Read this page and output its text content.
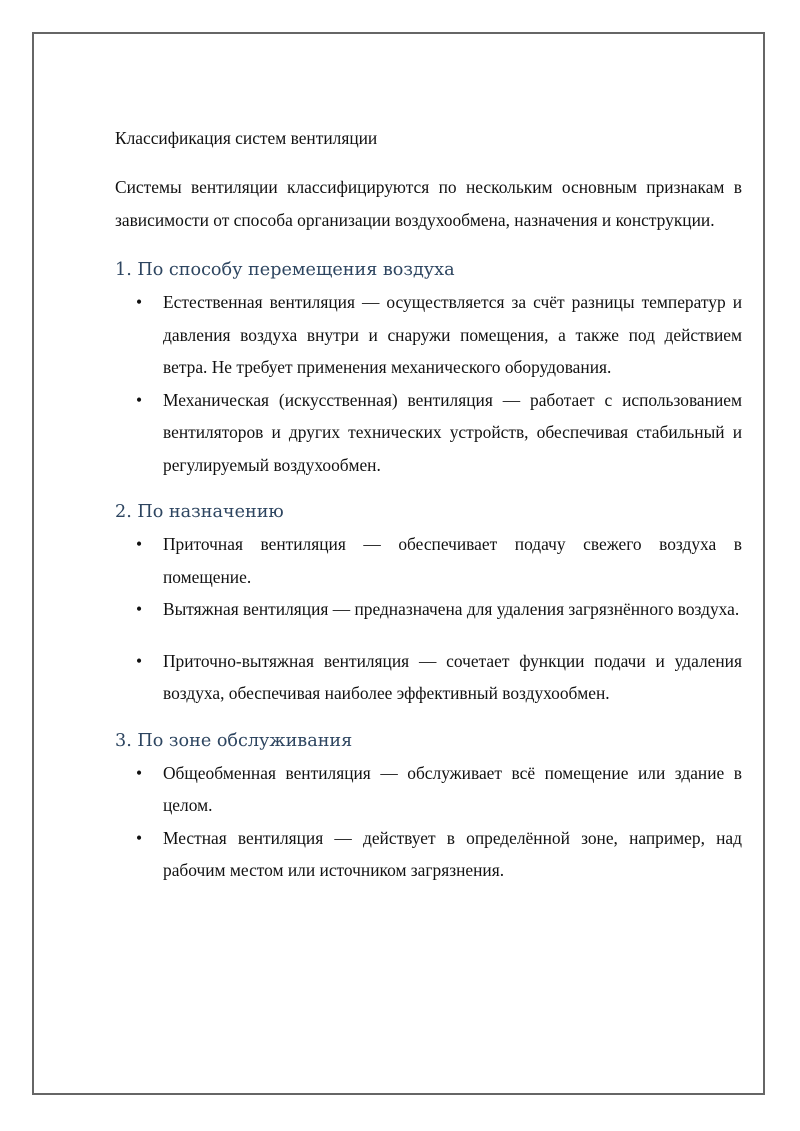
Классификация систем вентиляции

Системы вентиляции классифицируются по нескольким основным признакам в зависимости от способа организации воздухообмена, назначения и конструкции.

1. По способу перемещения воздуха
• Естественная вентиляция — осуществляется за счёт разницы температур и давления воздуха внутри и снаружи помещения, а также под действием ветра. Не требует применения механического оборудования.
• Механическая (искусственная) вентиляция — работает с использованием вентиляторов и других технических устройств, обеспечивая стабильный и регулируемый воздухообмен.
2. По назначению
• Приточная вентиляция — обеспечивает подачу свежего воздуха в помещение.
• Вытяжная вентиляция — предназначена для удаления загрязнённого воздуха.
• Приточно-вытяжная вентиляция — сочетает функции подачи и удаления воздуха, обеспечивая наиболее эффективный воздухообмен.
3. По зоне обслуживания
• Общеобменная вентиляция — обслуживает всё помещение или здание в целом.
• Местная вентиляция — действует в определённой зоне, например, над рабочим местом или источником загрязнения.
